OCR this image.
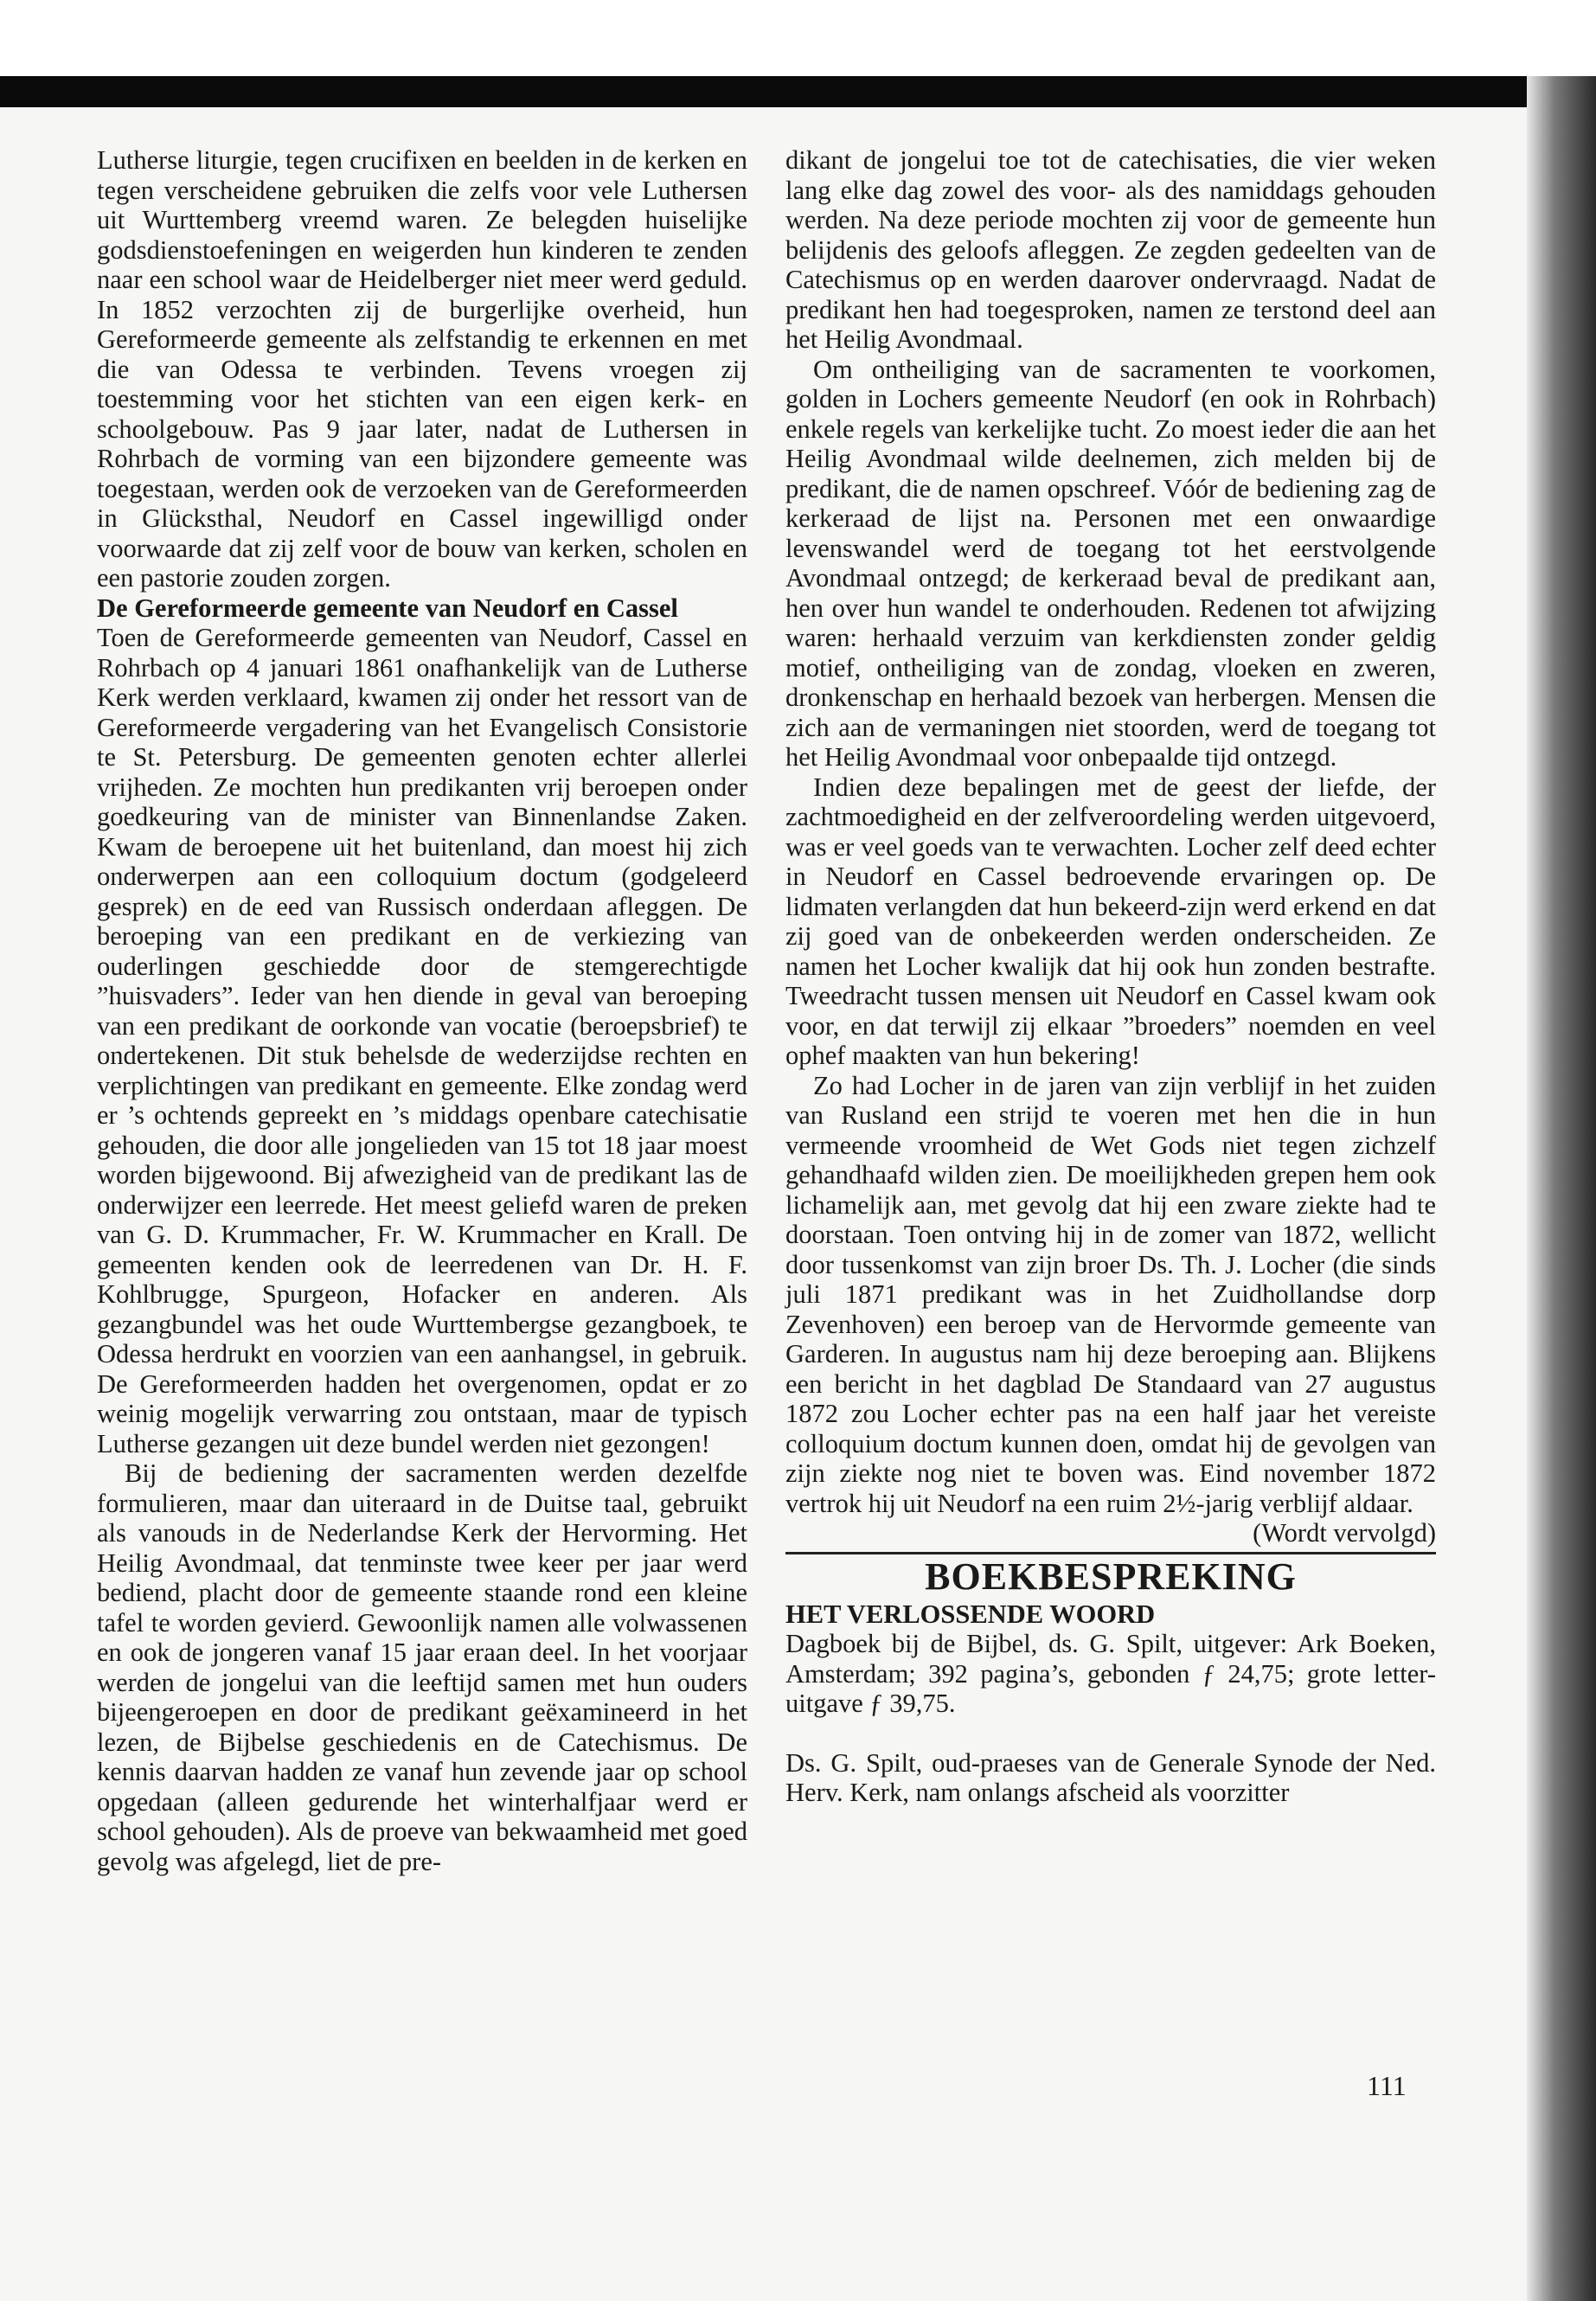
Lutherse liturgie, tegen crucifixen en beelden in de kerken en tegen verscheidene gebruiken die zelfs voor vele Luthersen uit Wurttemberg vreemd waren. Ze belegden huiselijke godsdienstoefeningen en weigerden hun kinderen te zenden naar een school waar de Heidelberger niet meer werd geduld. In 1852 verzochten zij de burgerlijke overheid, hun Gereformeerde gemeente als zelfstandig te erkennen en met die van Odessa te verbinden. Tevens vroegen zij toestemming voor het stichten van een eigen kerk- en schoolgebouw. Pas 9 jaar later, nadat de Luthersen in Rohrbach de vorming van een bijzondere gemeente was toegestaan, werden ook de verzoeken van de Gereformeerden in Glücksthal, Neudorf en Cassel ingewilligd onder voorwaarde dat zij zelf voor de bouw van kerken, scholen en een pastorie zouden zorgen.

De Gereformeerde gemeente van Neudorf en Cassel

Toen de Gereformeerde gemeenten van Neudorf, Cassel en Rohrbach op 4 januari 1861 onafhankelijk van de Lutherse Kerk werden verklaard, kwamen zij onder het ressort van de Gereformeerde vergadering van het Evangelisch Consistorie te St. Petersburg. De gemeenten genoten echter allerlei vrijheden. Ze mochten hun predikanten vrij beroepen onder goedkeuring van de minister van Binnenlandse Zaken. Kwam de beroepene uit het buitenland, dan moest hij zich onderwerpen aan een colloquium doctum (godgeleerd gesprek) en de eed van Russisch onderdaan afleggen. De beroeping van een predikant en de verkiezing van ouderlingen geschiedde door de stemgerechtigde ”huisvaders”. Ieder van hen diende in geval van beroeping van een predikant de oorkonde van vocatie (beroepsbrief) te ondertekenen. Dit stuk behelsde de wederzijdse rechten en verplichtingen van predikant en gemeente. Elke zondag werd er ’s ochtends gepreekt en ’s middags openbare catechisatie gehouden, die door alle jongelieden van 15 tot 18 jaar moest worden bijgewoond. Bij afwezigheid van de predikant las de onderwijzer een leerrede. Het meest geliefd waren de preken van G. D. Krummacher, Fr. W. Krummacher en Krall. De gemeenten kenden ook de leerredenen van Dr. H. F. Kohlbrugge, Spurgeon, Hofacker en anderen. Als gezangbundel was het oude Wurttembergse gezangboek, te Odessa herdrukt en voorzien van een aanhangsel, in gebruik. De Gereformeerden hadden het overgenomen, opdat er zo weinig mogelijk verwarring zou ontstaan, maar de typisch Lutherse gezangen uit deze bundel werden niet gezongen!

Bij de bediening der sacramenten werden dezelfde formulieren, maar dan uiteraard in de Duitse taal, gebruikt als vanouds in de Nederlandse Kerk der Hervorming. Het Heilig Avondmaal, dat tenminste twee keer per jaar werd bediend, placht door de gemeente staande rond een kleine tafel te worden gevierd. Gewoonlijk namen alle volwassenen en ook de jongeren vanaf 15 jaar eraan deel. In het voorjaar werden de jongelui van die leeftijd samen met hun ouders bijeengeroepen en door de predikant geëxamineerd in het lezen, de Bijbelse geschiedenis en de Catechismus. De kennis daarvan hadden ze vanaf hun zevende jaar op school opgedaan (alleen gedurende het winterhalfjaar werd er school gehouden). Als de proeve van bekwaamheid met goed gevolg was afgelegd, liet de pre-

dikant de jongelui toe tot de catechisaties, die vier weken lang elke dag zowel des voor- als des namiddags gehouden werden. Na deze periode mochten zij voor de gemeente hun belijdenis des geloofs afleggen. Ze zegden gedeelten van de Catechismus op en werden daarover ondervraagd. Nadat de predikant hen had toegesproken, namen ze terstond deel aan het Heilig Avondmaal.

Om ontheiliging van de sacramenten te voorkomen, golden in Lochers gemeente Neudorf (en ook in Rohrbach) enkele regels van kerkelijke tucht. Zo moest ieder die aan het Heilig Avondmaal wilde deelnemen, zich melden bij de predikant, die de namen opschreef. Vóór de bediening zag de kerkeraad de lijst na. Personen met een onwaardige levenswandel werd de toegang tot het eerstvolgende Avondmaal ontzegd; de kerkeraad beval de predikant aan, hen over hun wandel te onderhouden. Redenen tot afwijzing waren: herhaald verzuim van kerkdiensten zonder geldig motief, ontheiliging van de zondag, vloeken en zweren, dronkenschap en herhaald bezoek van herbergen. Mensen die zich aan de vermaningen niet stoorden, werd de toegang tot het Heilig Avondmaal voor onbepaalde tijd ontzegd.

Indien deze bepalingen met de geest der liefde, der zachtmoedigheid en der zelfveroordeling werden uitgevoerd, was er veel goeds van te verwachten. Locher zelf deed echter in Neudorf en Cassel bedroevende ervaringen op. De lidmaten verlangden dat hun bekeerd-zijn werd erkend en dat zij goed van de onbekeerden werden onderscheiden. Ze namen het Locher kwalijk dat hij ook hun zonden bestrafte. Tweedracht tussen mensen uit Neudorf en Cassel kwam ook voor, en dat terwijl zij elkaar ”broeders” noemden en veel ophef maakten van hun bekering!

Zo had Locher in de jaren van zijn verblijf in het zuiden van Rusland een strijd te voeren met hen die in hun vermeende vroomheid de Wet Gods niet tegen zichzelf gehandhaafd wilden zien. De moeilijkheden grepen hem ook lichamelijk aan, met gevolg dat hij een zware ziekte had te doorstaan. Toen ontving hij in de zomer van 1872, wellicht door tussenkomst van zijn broer Ds. Th. J. Locher (die sinds juli 1871 predikant was in het Zuidhollandse dorp Zevenhoven) een beroep van de Hervormde gemeente van Garderen. In augustus nam hij deze beroeping aan. Blijkens een bericht in het dagblad De Standaard van 27 augustus 1872 zou Locher echter pas na een half jaar het vereiste colloquium doctum kunnen doen, omdat hij de gevolgen van zijn ziekte nog niet te boven was. Eind november 1872 vertrok hij uit Neudorf na een ruim 2½-jarig verblijf aldaar.

(Wordt vervolgd)

BOEKBESPREKING

HET VERLOSSENDE WOORD

Dagboek bij de Bijbel, ds. G. Spilt, uitgever: Ark Boeken, Amsterdam; 392 pagina’s, gebonden ƒ 24,75; grote letter-uitgave ƒ 39,75.

Ds. G. Spilt, oud-praeses van de Generale Synode der Ned. Herv. Kerk, nam onlangs afscheid als voorzitter

111
